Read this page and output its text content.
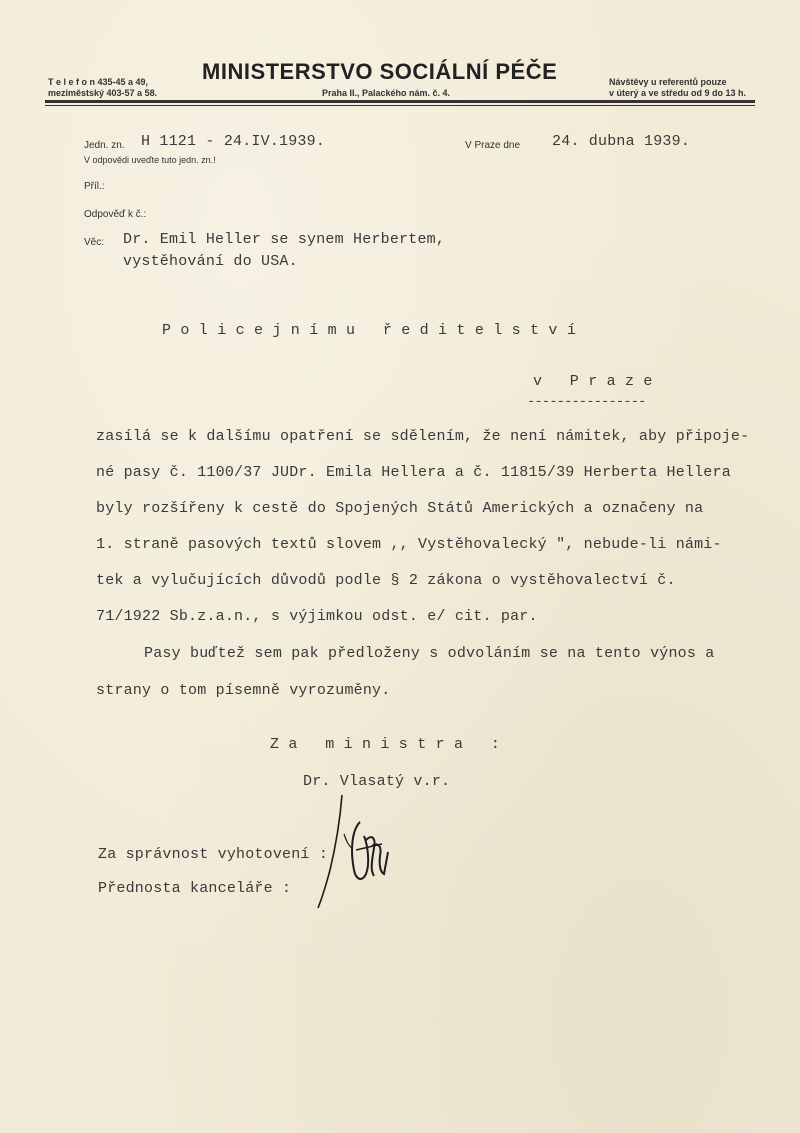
T e l e f o n 435-45 a 49,
meziměstský 403-57 a 58.
MINISTERSTVO SOCIÁLNÍ PÉČE
Praha II., Palackého nám. č. 4.
Návštěvy u referentů pouze
v úterý a ve středu od 9 do 13 h.
Jedn. zn. H 1121 - 24.IV.1939.
V odpovědi uveďte tuto jedn. zn.!
V Praze dne 24. dubna 1939.
Příl.:
Odpověď k č.:
Věc: Dr. Emil Heller se synem Herbertem,
vystěhování do USA.
Policejnímu ředitelství
v Praze
----------------
zasílá se k dalšímu opatření se sdělením, že není námitek, aby připoje-
né pasy č. 1100/37 JUDr. Emila Hellera a č. 11815/39 Herberta Hellera
byly rozšířeny k cestě do Spojených Států Amerických a označeny na
1. straně pasových textů slovem ,, Vystěhovalecký ", nebude-li námi-
tek a vylučujících důvodů podle § 2 zákona o vystěhovalectví č.
71/1922 Sb.z.a.n., s výjimkou odst. e/ cit. par.
Pasy buďtež sem pak předloženy s odvoláním se na tento výnos a
strany o tom písemně vyrozuměny.
Za ministra :
Dr. Vlasatý v.r.
Za správnost vyhotovení :
Přednosta kanceláře :
